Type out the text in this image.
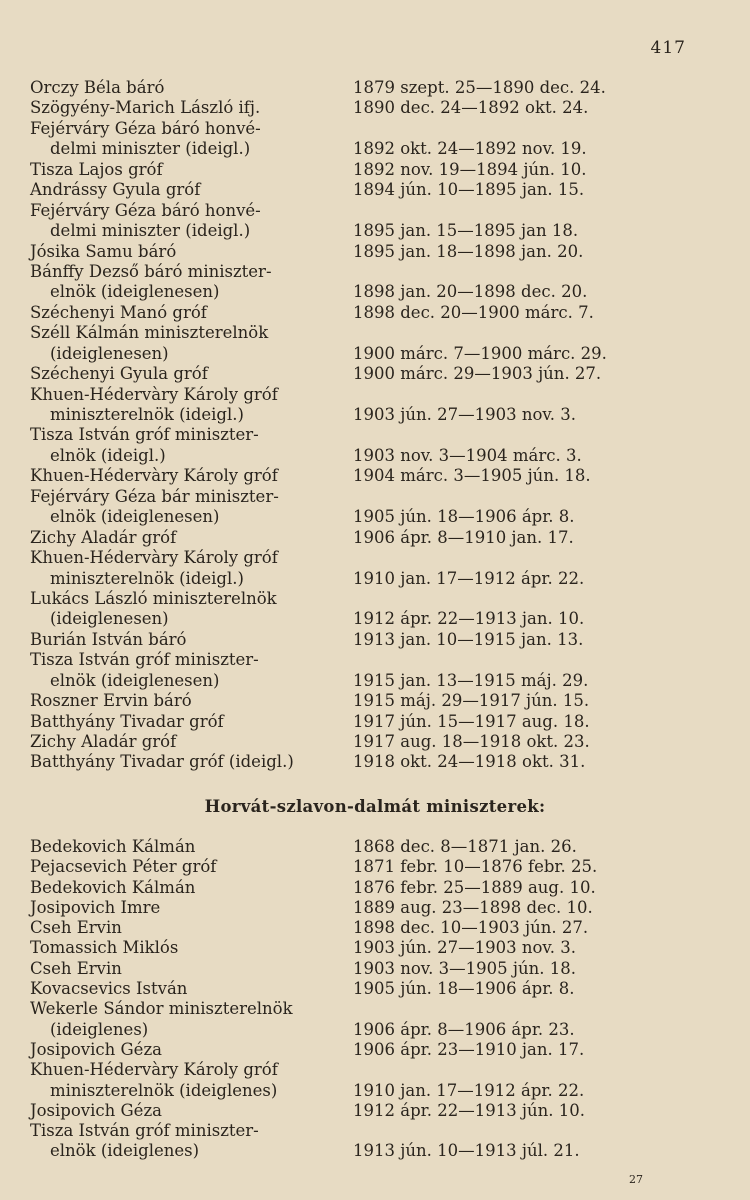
417
Orczy Béla báró	1879 szept. 25—1890 dec. 24.
Szögyény-Marich László ifj.	1890 dec. 24—1892 okt. 24.
Fejérváry Géza báró honvé-
delmi miniszter (ideigl.)	1892 okt. 24—1892 nov. 19.
Tisza Lajos gróf	1892 nov. 19—1894 jún. 10.
Andrássy Gyula gróf	1894 jún. 10—1895 jan. 15.
Fejérváry Géza báró honvé-
delmi miniszter (ideigl.)	1895 jan. 15—1895 jan 18.
Jósika Samu báró	1895 jan. 18—1898 jan. 20.
Bánffy Dezső báró miniszter-
elnök (ideiglenesen)	1898 jan. 20—1898 dec. 20.
Széchenyi Manó gróf	1898 dec. 20—1900 márc. 7.
Széll Kálmán miniszterelnök
(ideiglenesen)	1900 márc. 7—1900 márc. 29.
Széchenyi Gyula gróf	1900 márc. 29—1903 jún. 27.
Khuen-Hédervàry Károly gróf
miniszterelnök (ideigl.)	1903 jún. 27—1903 nov. 3.
Tisza István gróf miniszter-
elnök (ideigl.)	1903 nov. 3—1904 márc. 3.
Khuen-Hédervàry Károly gróf	1904 márc. 3—1905 jún. 18.
Fejérváry Géza bár miniszter-
elnök (ideiglenesen)	1905 jún. 18—1906 ápr. 8.
Zichy Aladár gróf	1906 ápr. 8—1910 jan. 17.
Khuen-Hédervàry Károly gróf
miniszterelnök (ideigl.)	1910 jan. 17—1912 ápr. 22.
Lukács László miniszterelnök
(ideiglenesen)	1912 ápr. 22—1913 jan. 10.
Burián István báró	1913 jan. 10—1915 jan. 13.
Tisza István gróf miniszter-
elnök (ideiglenesen)	1915 jan. 13—1915 máj. 29.
Roszner Ervin báró	1915 máj. 29—1917 jún. 15.
Batthyány Tivadar gróf	1917 jún. 15—1917 aug. 18.
Zichy Aladár gróf	1917 aug. 18—1918 okt. 23.
Batthyány Tivadar gróf (ideigl.)	1918 okt. 24—1918 okt. 31.
Horvát-szlavon-dalmát miniszterek:
Bedekovich Kálmán	1868 dec. 8—1871 jan. 26.
Pejacsevich Péter gróf	1871 febr. 10—1876 febr. 25.
Bedekovich Kálmán	1876 febr. 25—1889 aug. 10.
Josipovich Imre	1889 aug. 23—1898 dec. 10.
Cseh Ervin	1898 dec. 10—1903 jún. 27.
Tomassich Miklós	1903 jún. 27—1903 nov. 3.
Cseh Ervin	1903 nov. 3—1905 jún. 18.
Kovacsevics István	1905 jún. 18—1906 ápr. 8.
Wekerle Sándor miniszterelnök
(ideiglenes)	1906 ápr. 8—1906 ápr. 23.
Josipovich Géza	1906 ápr. 23—1910 jan. 17.
Khuen-Hédervàry Károly gróf
miniszterelnök (ideiglenes)	1910 jan. 17—1912 ápr. 22.
Josipovich Géza	1912 ápr. 22—1913 jún. 10.
Tisza István gróf miniszter-
elnök (ideiglenes)	1913 jún. 10—1913 júl. 21.
27
